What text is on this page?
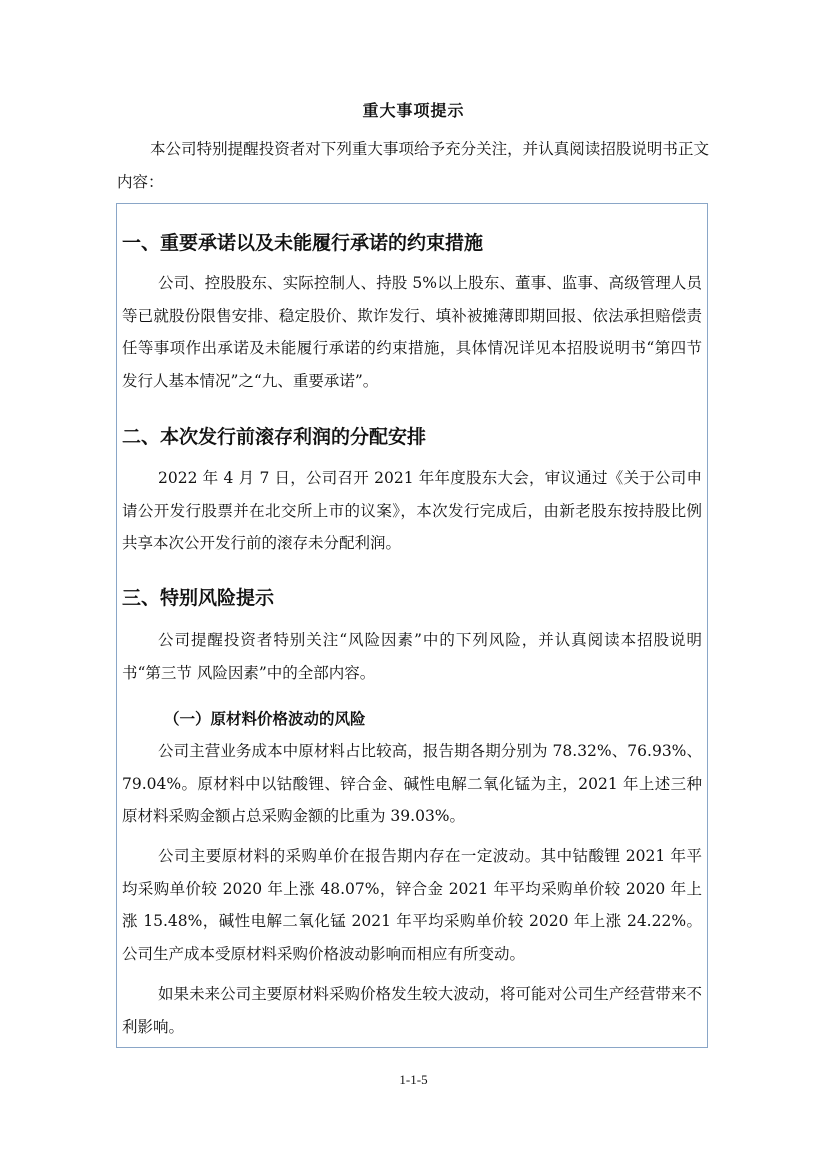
重大事项提示

本公司特别提醒投资者对下列重大事项给予充分关注，并认真阅读招股说明书正文内容：

一、重要承诺以及未能履行承诺的约束措施

公司、控股股东、实际控制人、持股 5%以上股东、董事、监事、高级管理人员等已就股份限售安排、稳定股价、欺诈发行、填补被摊薄即期回报、依法承担赔偿责任等事项作出承诺及未能履行承诺的约束措施，具体情况详见本招股说明书“第四节 发行人基本情况”之“九、重要承诺”。

二、本次发行前滚存利润的分配安排

2022 年 4 月 7 日，公司召开 2021 年年度股东大会，审议通过《关于公司申请公开发行股票并在北交所上市的议案》，本次发行完成后，由新老股东按持股比例共享本次公开发行前的滚存未分配利润。

三、特别风险提示

公司提醒投资者特别关注“风险因素”中的下列风险，并认真阅读本招股说明书“第三节 风险因素”中的全部内容。

（一）原材料价格波动的风险

公司主营业务成本中原材料占比较高，报告期各期分别为 78.32%、76.93%、79.04%。原材料中以钴酸锂、锌合金、碱性电解二氧化锰为主，2021 年上述三种原材料采购金额占总采购金额的比重为 39.03%。

公司主要原材料的采购单价在报告期内存在一定波动。其中钴酸锂 2021 年平均采购单价较 2020 年上涨 48.07%，锌合金 2021 年平均采购单价较 2020 年上涨 15.48%，碱性电解二氧化锰 2021 年平均采购单价较 2020 年上涨 24.22%。公司生产成本受原材料采购价格波动影响而相应有所变动。

如果未来公司主要原材料采购价格发生较大波动，将可能对公司生产经营带来不利影响。

1-1-5
